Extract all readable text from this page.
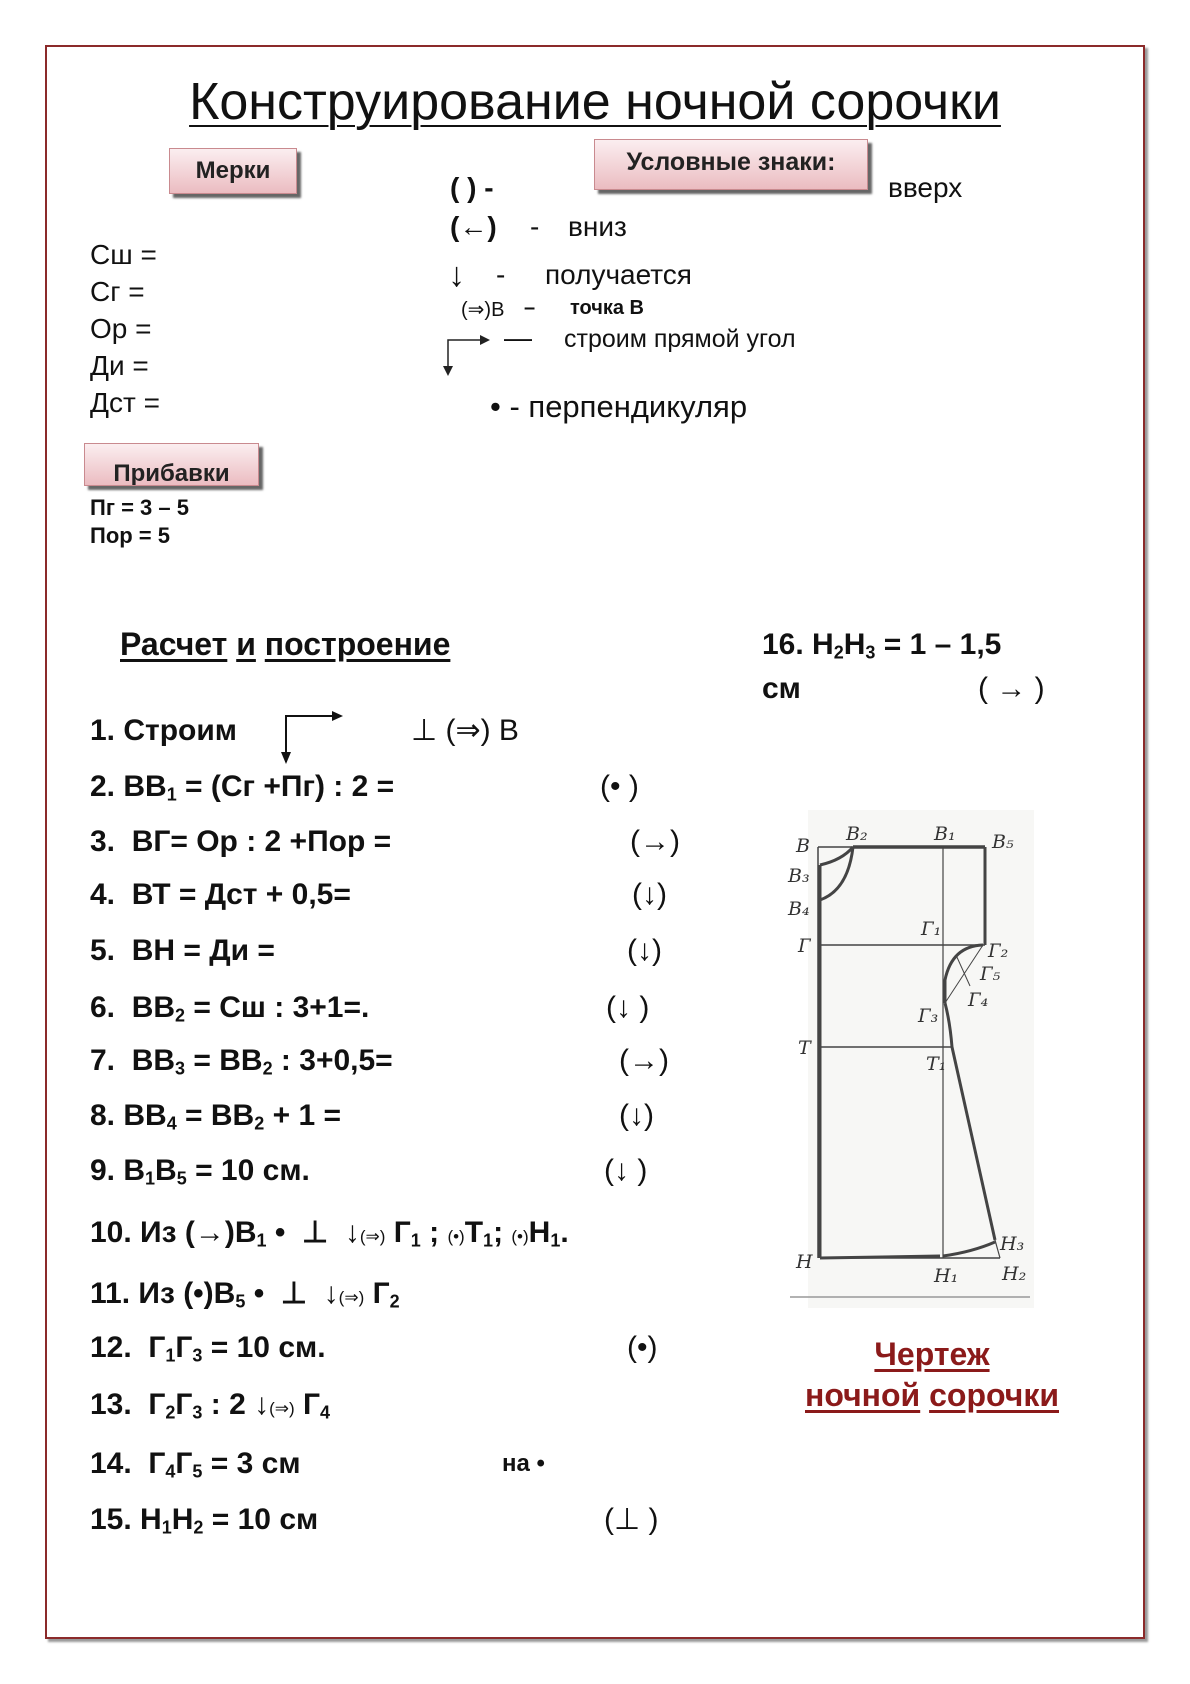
Конструирование ночной сорочки
Мерки
Сш =
Сг =
Ор =
Ди =
Дст =
Условные знаки:
( ) -	вверх
(←) - вниз
↓ - получается
(⇒)В – точка В
— строим прямой угол
• - перпендикуляр
Прибавки
Пг = 3 – 5
Пор = 5
Расчет и построение
1. Строим	⊥ (⇒) В
2. $ВВ_1 = (Сг +Пг)$ : 2 =	(• )
3.  ВГ= Ор : 2 +Пор =	(→)
4.  ВТ = Дст + 0,5=	(↓)
5.  ВН = Ди =	(↓)
6.  $ВВ_2$ = Сш : 3+1=.	(↓ )
7.  $ВВ_3 = ВВ_2$ : 3+0,5=	(→)
8. $ВВ_4 = ВВ_2 + 1$ =	(↓)
9. $В_1В_5 = 10$ см.	(↓ )
10. Из $(\to)В_1$ •  ⊥  ↓(⇒) $Г_1$ ; $(•)Т_1$; $(•)Н_1$.
11. Из $(•)В_5$ •  ⊥  ↓(⇒) $Г_2$
12.  $Г_1Г_3 = 10$ см.	(•)
13.  $Г_2Г_3$ : 2 ↓(⇒) $Г_4$
14.  $Г_4Г_5 = 3$ см	на •
15. $Н_1Н_2 = 10$ см	(⊥ )
16. $Н_2Н_3 = 1 - 1,5$
см	( → )
В
В₂	В₁ В₅
В₃
В₄
Г₁
Г	Г₂
Г₅
Г₄
Г₃
Т
Т₁
Н
Н₁
Н₃
Н₂
Чертеж
ночной сорочки
